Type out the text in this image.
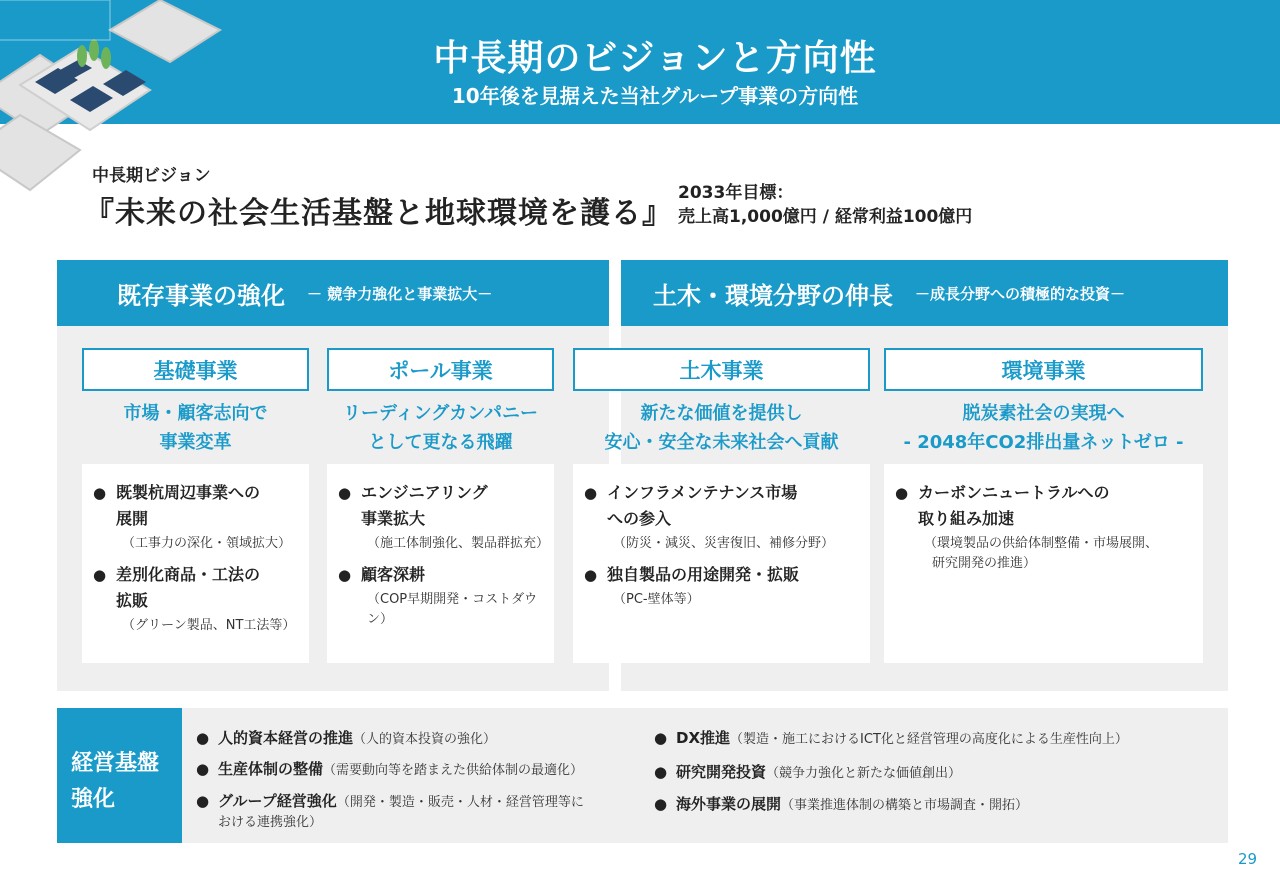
中長期のビジョンと方向性
10年後を見据えた当社グループ事業の方向性
中長期ビジョン
『未来の社会生活基盤と地球環境を護る』
2033年目標：
売上高1,000億円 / 経常利益100億円
既存事業の強化 － 競争力強化と事業拡大－	土木・環境分野の伸長 －成長分野への積極的な投資－
基礎事業	ポール事業	土木事業	環境事業
市場・顧客志向で
事業変革
リーディングカンパニー
として更なる飛躍
新たな価値を提供し
安心・安全な未来社会へ貢献
脱炭素社会の実現へ
- 2048年CO2排出量ネットゼロ -
● 既製杭周辺事業への
展開
（工事力の深化・領域拡大）
● 差別化商品・工法の
拡販
（グリーン製品、NT工法等）
● エンジニアリング
事業拡大
（施工体制強化、製品群拡充）
● 顧客深耕
（COP早期開発・コストダウン）
● インフラメンテナンス市場
への参入
（防災・減災、災害復旧、補修分野）
● 独自製品の用途開発・拡販
（PC-壁体等）
● カーボンニュートラルへの
取り組み加速
（環境製品の供給体制整備・市場展開、
研究開発の推進）
経営基盤
強化
● 人的資本経営の推進（人的資本投資の強化）
● 生産体制の整備（需要動向等を踏まえた供給体制の最適化）
● グループ経営強化（開発・製造・販売・人材・経営管理等に
おける連携強化）
● DX推進（製造・施工におけるICT化と経営管理の高度化による生産性向上）
● 研究開発投資（競争力強化と新たな価値創出）
● 海外事業の展開（事業推進体制の構築と市場調査・開拓）
29
